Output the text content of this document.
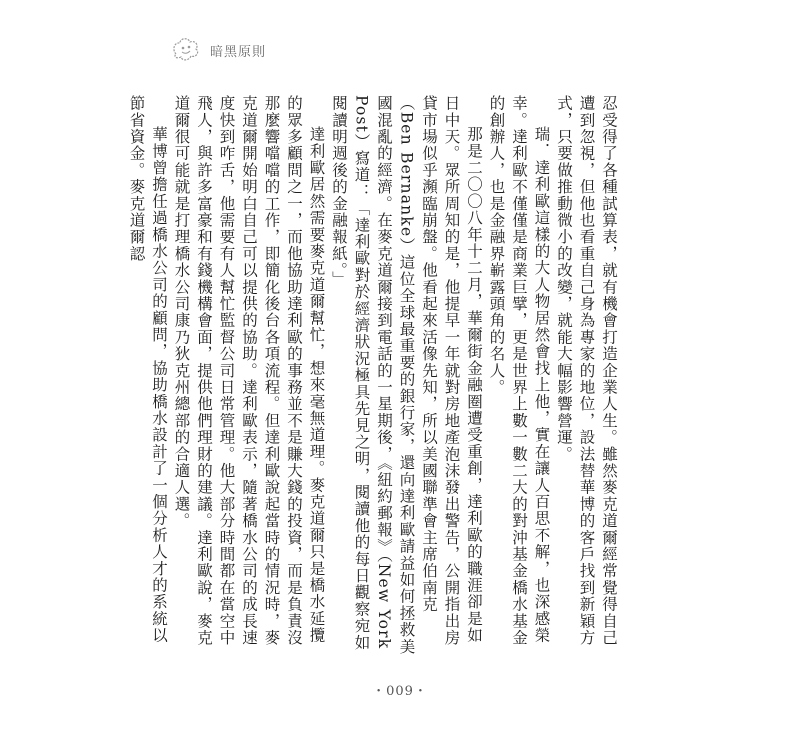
暗黑原則

忍受得了各種試算表，就有機會打造企業人生。雖然麥克道爾經常覺得自己遭到忽視，但他也看重自己身為專家的地位，設法替華博的客戶找到新穎方式，只要做推動微小的改變，就能大幅影響營運。

瑞．達利歐這樣的大人物居然會找上他，實在讓人百思不解，也深感榮幸。達利歐不僅僅是商業巨擘，更是世界上數一數二大的對沖基金橋水基金的創辦人，也是金融界嶄露頭角的名人。

那是二〇〇八年十二月，華爾街金融圈遭受重創，達利歐的職涯卻是如日中天。眾所周知的是，他提早一年就對房地產泡沫發出警告，公開指出房貸市場似乎瀕臨崩盤。他看起來活像先知，所以美國聯準會主席伯南克（Ben Bernanke）這位全球最重要的銀行家，還向達利歐請益如何拯救美國混亂的經濟。在麥克道爾接到電話的一星期後，《紐約郵報》（New York Post）寫道：「達利歐對於經濟狀況極具先見之明，閱讀他的每日觀察宛如閱讀明週後的金融報紙。」

達利歐居然需要麥克道爾幫忙，想來毫無道理。麥克道爾只是橋水延攬的眾多顧問之一，而他協助達利歐的事務並不是賺大錢的投資，而是負責沒那麼響噹噹的工作，即簡化後台各項流程。但達利歐說起當時的情況時，麥克道爾開始明白自己可以提供的協助。達利歐表示，隨著橋水公司的成長速度快到咋舌，他需要有人幫忙監督公司日常管理。他大部分時間都在當空中飛人，與許多富豪和有錢機構會面，提供他們理財的建議。達利歐說，麥克道爾很可能就是打理橋水公司康乃狄克州總部的合適人選。

華博曾擔任過橋水公司的顧問，協助橋水設計了一個分析人才的系統以節省資金。麥克道爾認

・009・
